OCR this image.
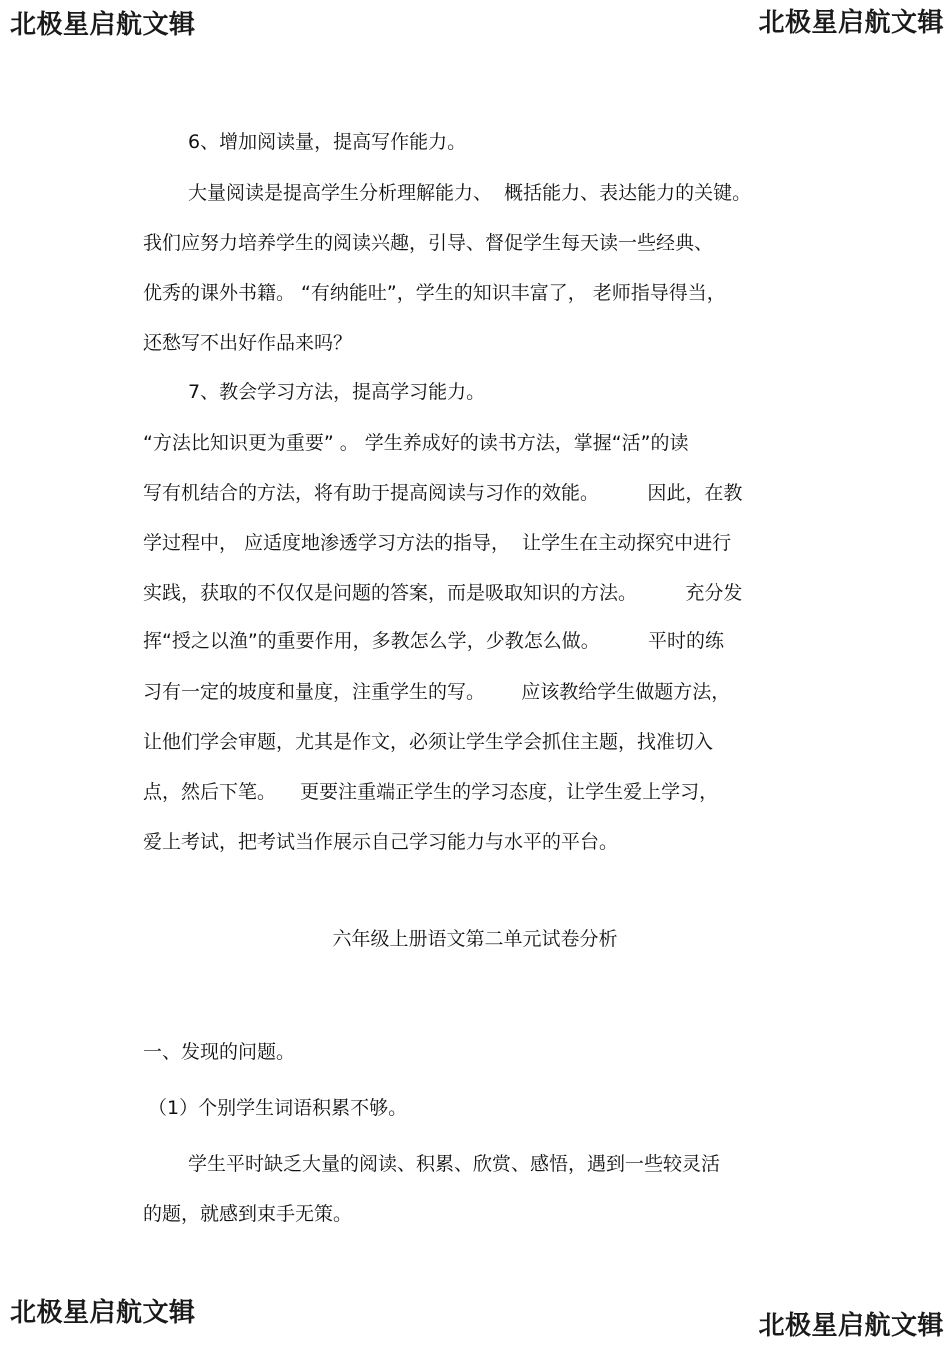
北极星启航文辑	北极星启航文辑
北极星启航文辑	北极星启航文辑
6、增加阅读量，提高写作能力。
大量阅读是提高学生分析理解能力、  概括能力、表达能力的关键。
我们应努力培养学生的阅读兴趣，引导、督促学生每天读一些经典、
优秀的课外书籍。 “有纳能吐”，学生的知识丰富了， 老师指导得当，
还愁写不出好作品来吗？
7、教会学习方法，提高学习能力。
“方法比知识更为重要” 。 学生养成好的读书方法，掌握“活”的读
写有机结合的方法，将有助于提高阅读与习作的效能。        因此，在教
学过程中， 应适度地渗透学习方法的指导，  让学生在主动探究中进行
实践，获取的不仅仅是问题的答案，而是吸取知识的方法。        充分发
挥“授之以渔”的重要作用，多教怎么学，少教怎么做。        平时的练
习有一定的坡度和量度，注重学生的写。      应该教给学生做题方法，
让他们学会审题，尤其是作文，必须让学生学会抓住主题，找准切入
点，然后下笔。    更要注重端正学生的学习态度，让学生爱上学习，
爱上考试，把考试当作展示自己学习能力与水平的平台。
六年级上册语文第二单元试卷分析
一、发现的问题。
（1）个别学生词语积累不够。
学生平时缺乏大量的阅读、积累、欣赏、感悟，遇到一些较灵活
的题，就感到束手无策。
